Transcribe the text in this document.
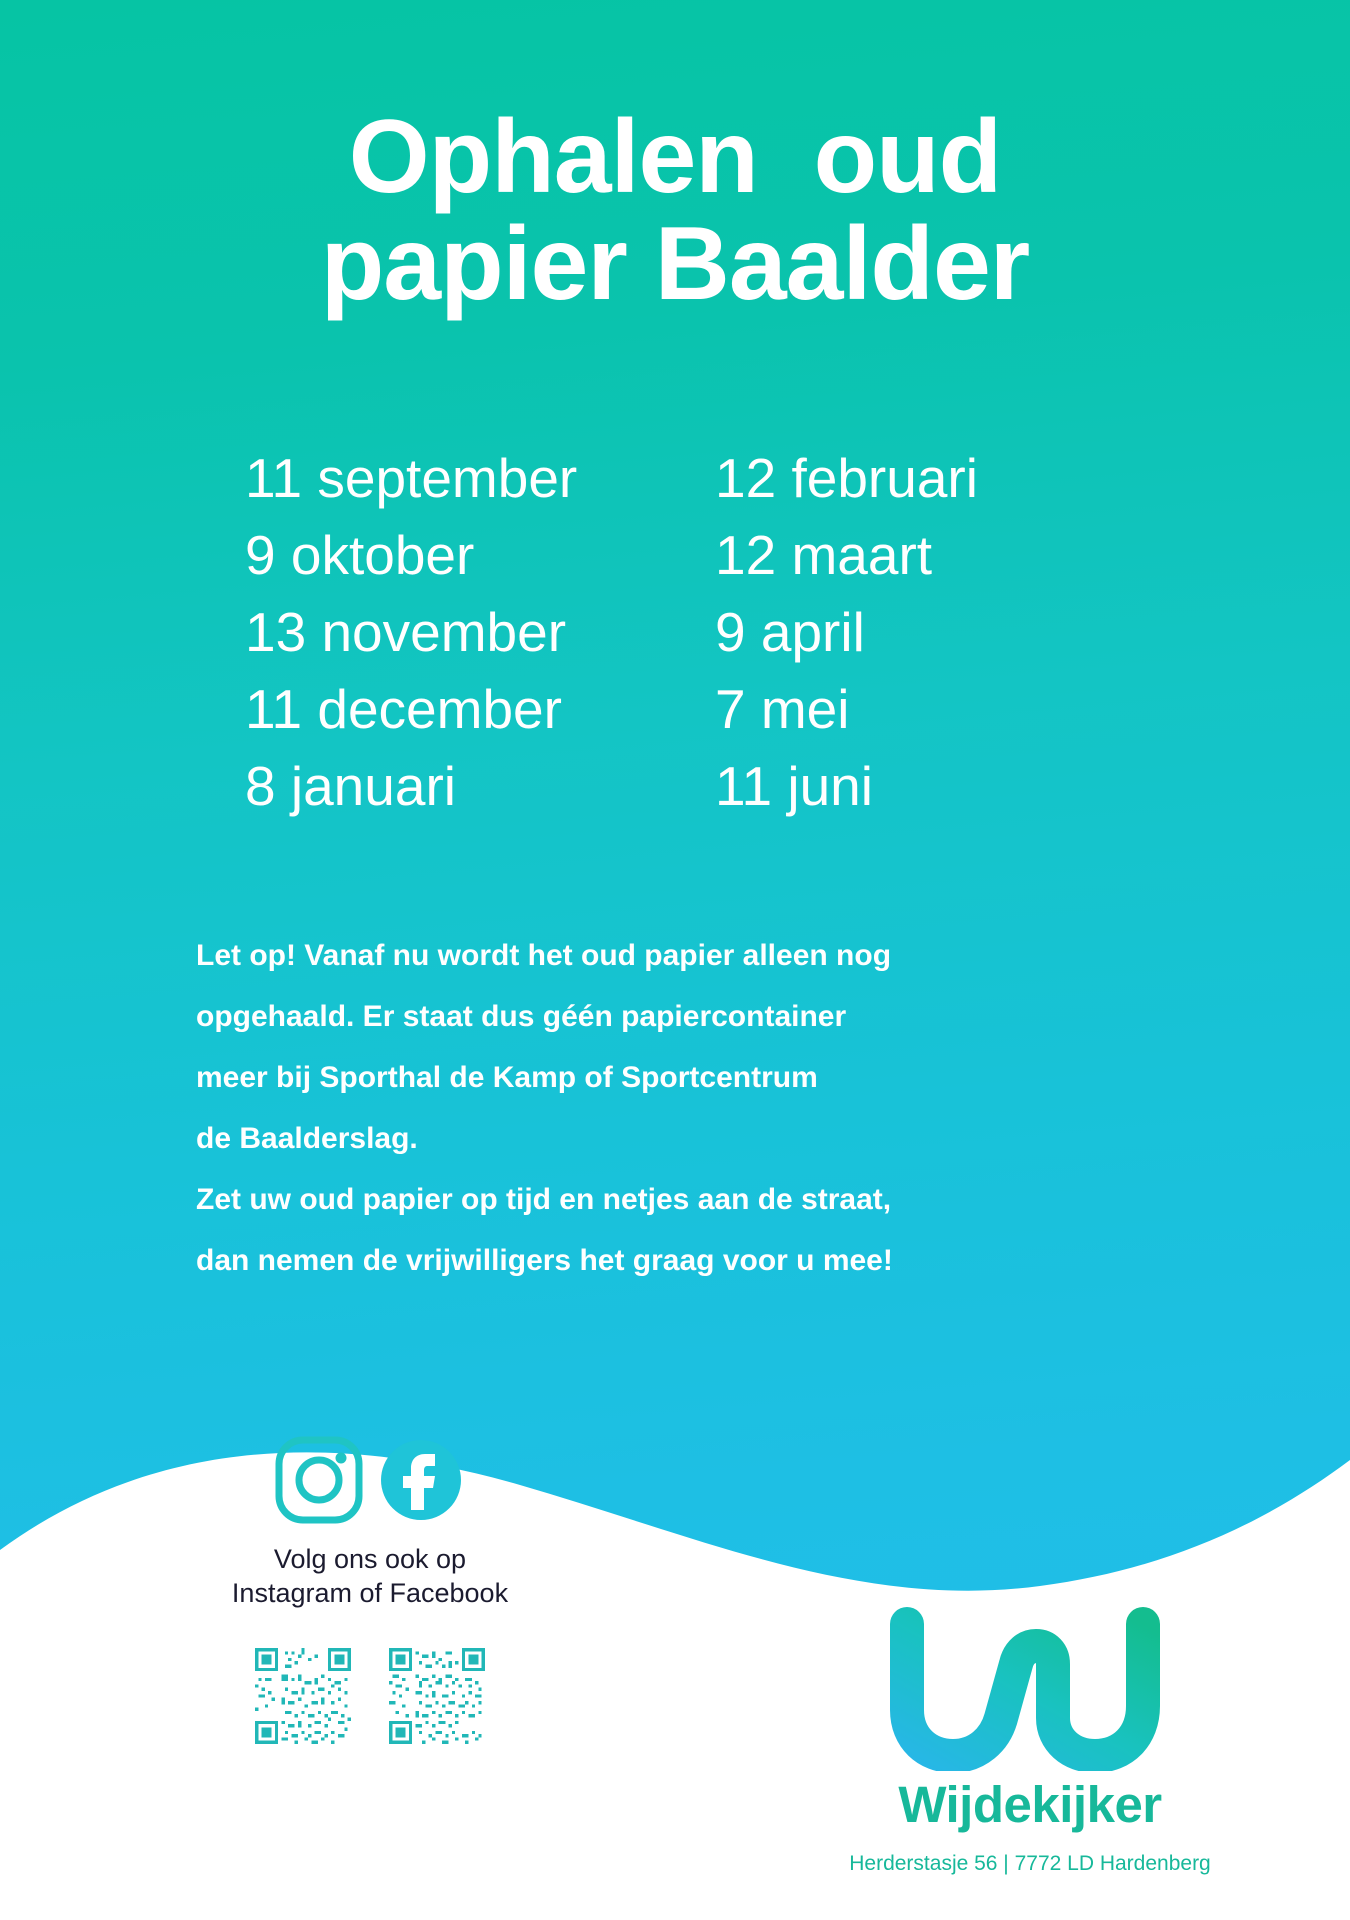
Ophalen  oud
papier Baalder
11 september
9 oktober
13 november
11 december
8 januari
12 februari
12 maart
9 april
7 mei
11 juni
Let op! Vanaf nu wordt het oud papier alleen nog
opgehaald. Er staat dus géén papiercontainer
meer bij Sporthal de Kamp of Sportcentrum
de Baalderslag.
Zet uw oud papier op tijd en netjes aan de straat,
dan nemen de vrijwilligers het graag voor u mee!
Volg ons ook op
Instagram of Facebook
Wijdekijker
Herderstasje 56 | 7772 LD Hardenberg
